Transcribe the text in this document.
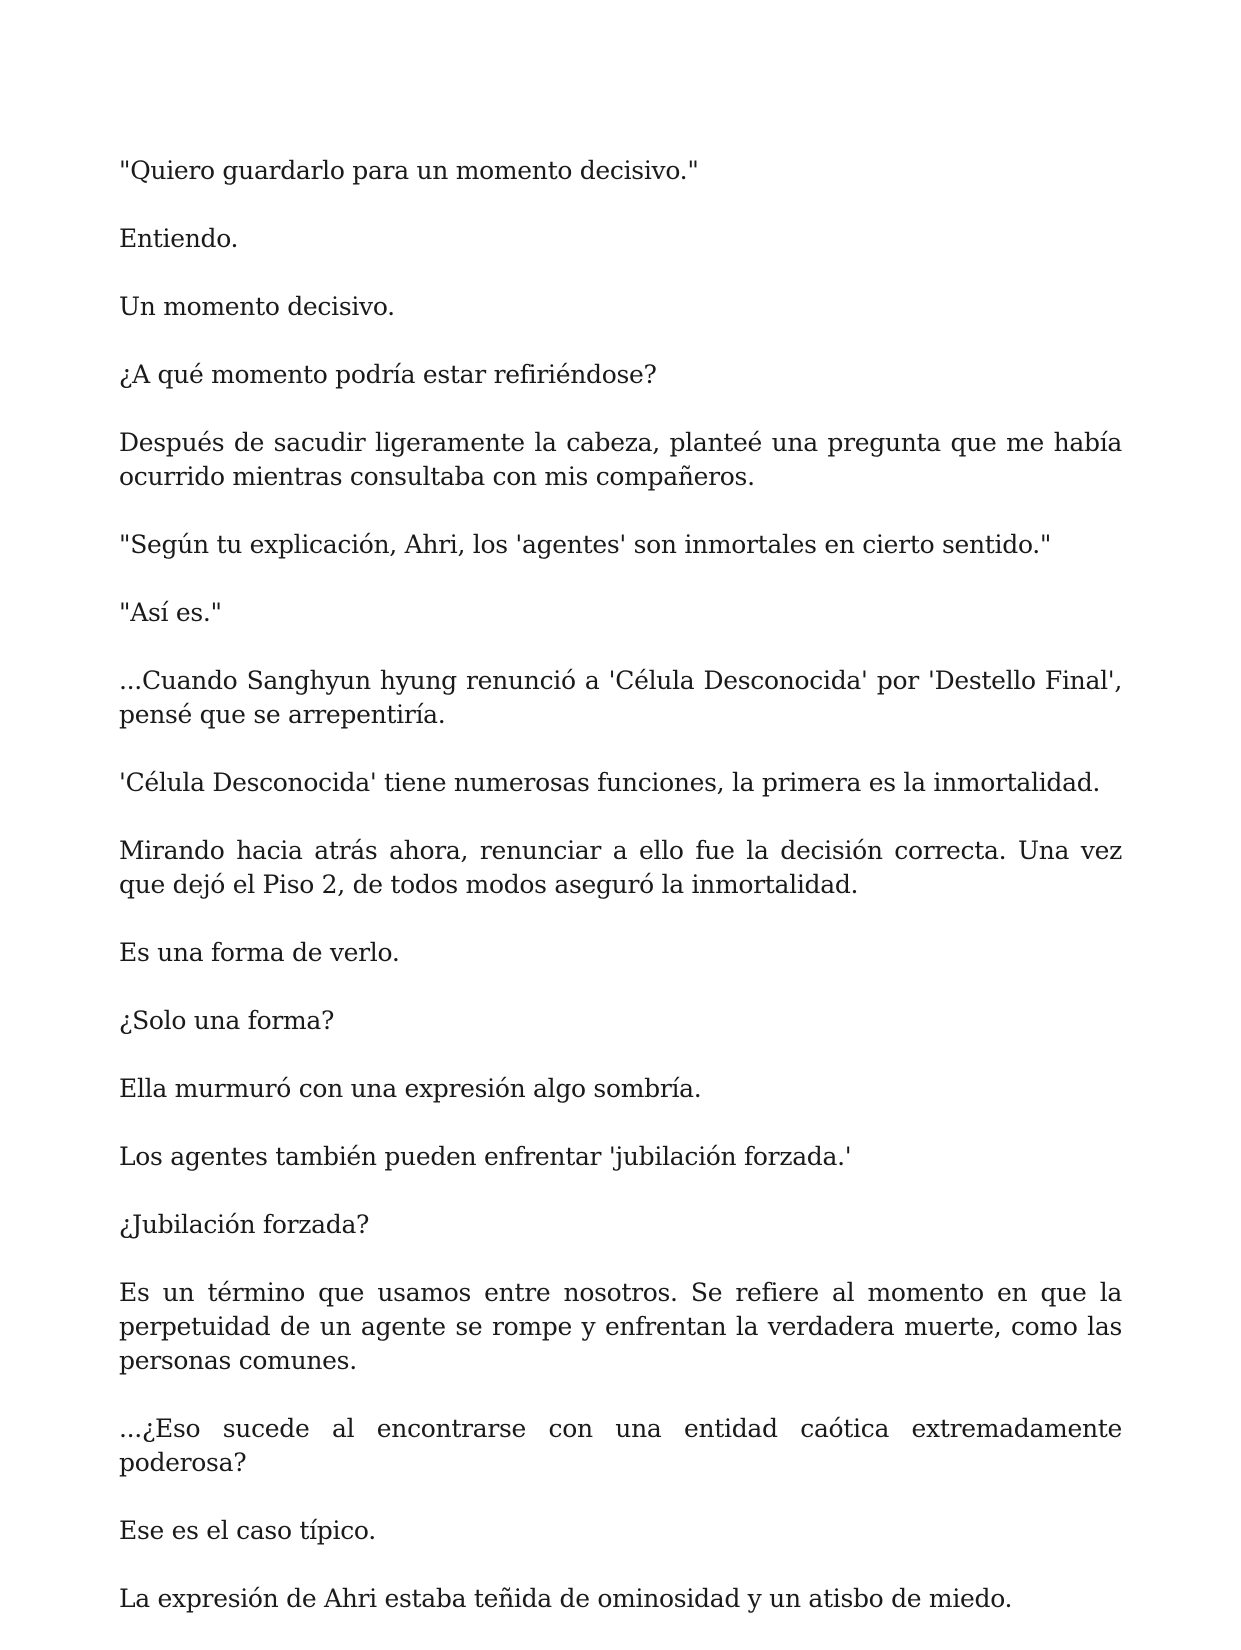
"Quiero guardarlo para un momento decisivo."

Entiendo.

Un momento decisivo.

¿A qué momento podría estar refiriéndose?

Después de sacudir ligeramente la cabeza, planteé una pregunta que me había ocurrido mientras consultaba con mis compañeros.

"Según tu explicación, Ahri, los 'agentes' son inmortales en cierto sentido."

"Así es."

...Cuando Sanghyun hyung renunció a 'Célula Desconocida' por 'Destello Final', pensé que se arrepentiría.

'Célula Desconocida' tiene numerosas funciones, la primera es la inmortalidad.

Mirando hacia atrás ahora, renunciar a ello fue la decisión correcta. Una vez que dejó el Piso 2, de todos modos aseguró la inmortalidad.

Es una forma de verlo.

¿Solo una forma?

Ella murmuró con una expresión algo sombría.

Los agentes también pueden enfrentar 'jubilación forzada.'

¿Jubilación forzada?

Es un término que usamos entre nosotros. Se refiere al momento en que la perpetuidad de un agente se rompe y enfrentan la verdadera muerte, como las personas comunes.

...¿Eso sucede al encontrarse con una entidad caótica extremadamente poderosa?

Ese es el caso típico.

La expresión de Ahri estaba teñida de ominosidad y un atisbo de miedo.
